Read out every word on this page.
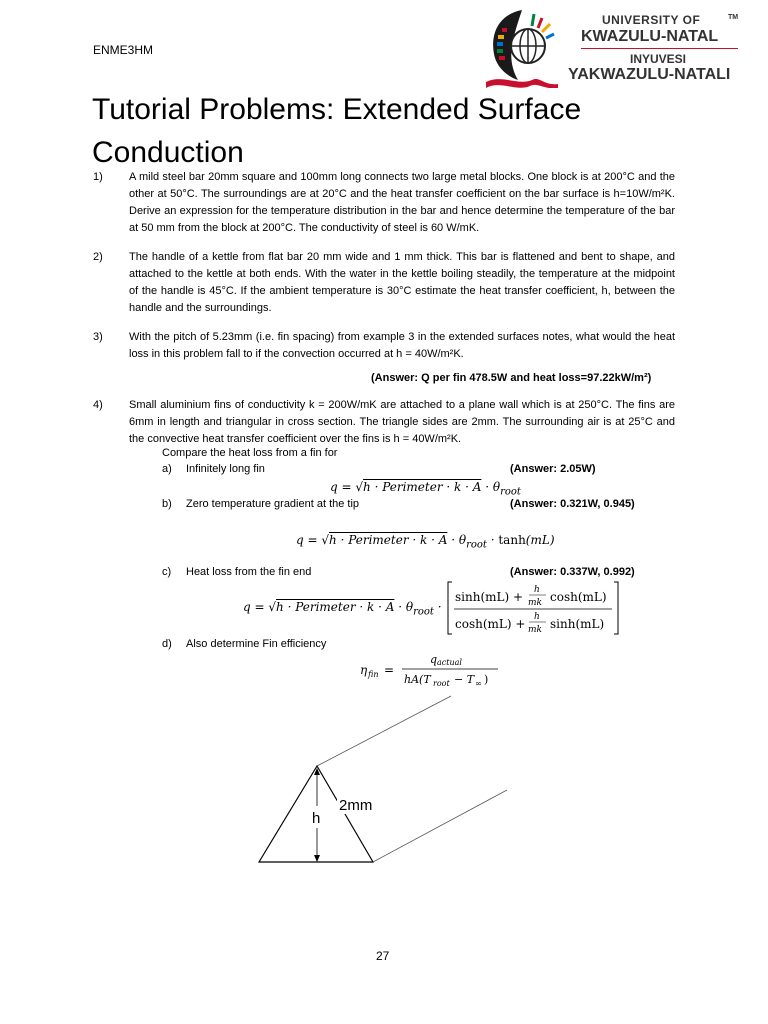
ENME3HM
UNIVERSITY OF	TM
KWAZULU-NATAL
INYUVESI
YAKWAZULU-NATALI
Tutorial Problems: Extended Surface Conduction
1) A mild steel bar 20mm square and 100mm long connects two large metal blocks. One block is at 200°C and the other at 50°C. The surroundings are at 20°C and the heat transfer coefficient on the bar surface is h=10W/m²K. Derive an expression for the temperature distribution in the bar and hence determine the temperature of the bar at 50 mm from the block at 200°C. The conductivity of steel is 60 W/mK.
2) The handle of a kettle from flat bar 20 mm wide and 1 mm thick. This bar is flattened and bent to shape, and attached to the kettle at both ends. With the water in the kettle boiling steadily, the temperature at the midpoint of the handle is 45°C. If the ambient temperature is 30°C estimate the heat transfer coefficient, h, between the handle and the surroundings.
3) With the pitch of 5.23mm (i.e. fin spacing) from example 3 in the extended surfaces notes, what would the heat loss in this problem fall to if the convection occurred at h = 40W/m²K.
(Answer: Q per fin 478.5W and heat loss=97.22kW/m²)
4) Small aluminium fins of conductivity k = 200W/mK are attached to a plane wall which is at 250°C. The fins are 6mm in length and triangular in cross section. The triangle sides are 2mm. The surrounding air is at 25°C and the convective heat transfer coefficient over the fins is h = 40W/m²K.
Compare the heat loss from a fin for
a) Infinitely long fin	(Answer: 2.05W)
q = √h · Perimeter · $k \cdot A \cdot \theta_{root}$
b) Zero temperature gradient at the tip	(Answer: 0.321W, 0.945)
q = √h · Perimeter · $k \cdot A \cdot \theta_{root} \cdot \tanh(mL)$
c) Heat loss from the fin end	(Answer: 0.337W, 0.992)
q = √h · Perimeter · $k \cdot A \cdot \theta_{root}$ ·
sinh(mL) + h
mk cosh(mL)
cosh(mL) + h
mk sinh(mL)
d) Also determine Fin efficiency
η fin =
q actual
hA(T root − T ∞ )
h
2mm
27
